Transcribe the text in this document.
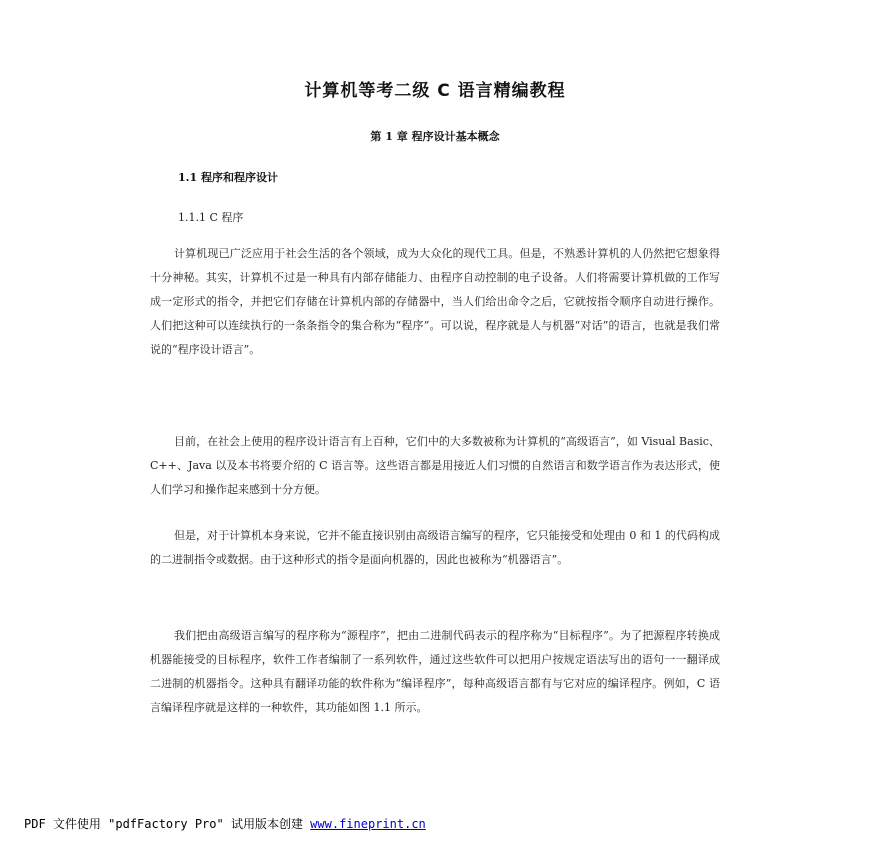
计算机等考二级 C 语言精编教程
第 1 章 程序设计基本概念
1.1 程序和程序设计
1.1.1 C 程序

计算机现已广泛应用于社会生活的各个领域，成为大众化的现代工具。但是，不熟悉计算机的人仍然把它想象得十分神秘。其实，计算机不过是一种具有内部存储能力、由程序自动控制的电子设备。人们将需要计算机做的工作写成一定形式的指令，并把它们存储在计算机内部的存储器中，当人们给出命令之后，它就按指令顺序自动进行操作。人们把这种可以连续执行的一条条指令的集合称为“程序”。可以说，程序就是人与机器“对话”的语言，也就是我们常说的“程序设计语言”。

目前，在社会上使用的程序设计语言有上百种，它们中的大多数被称为计算机的“高级语言”，如 Visual Basic、C++、Java 以及本书将要介绍的 C 语言等。这些语言都是用接近人们习惯的自然语言和数学语言作为表达形式，使人们学习和操作起来感到十分方便。

但是，对于计算机本身来说，它并不能直接识别由高级语言编写的程序，它只能接受和处理由 0 和 1 的代码构成的二进制指令或数据。由于这种形式的指令是面向机器的，因此也被称为“机器语言”。

我们把由高级语言编写的程序称为“源程序”，把由二进制代码表示的程序称为“目标程序”。为了把源程序转换成机器能接受的目标程序，软件工作者编制了一系列软件，通过这些软件可以把用户按规定语法写出的语句一一翻译成二进制的机器指令。这种具有翻译功能的软件称为“编译程序”，每种高级语言都有与它对应的编译程序。例如，C 语言编译程序就是这样的一种软件，其功能如图 1.1 所示。

PDF 文件使用 "pdfFactory Pro" 试用版本创建 www.fineprint.cn
